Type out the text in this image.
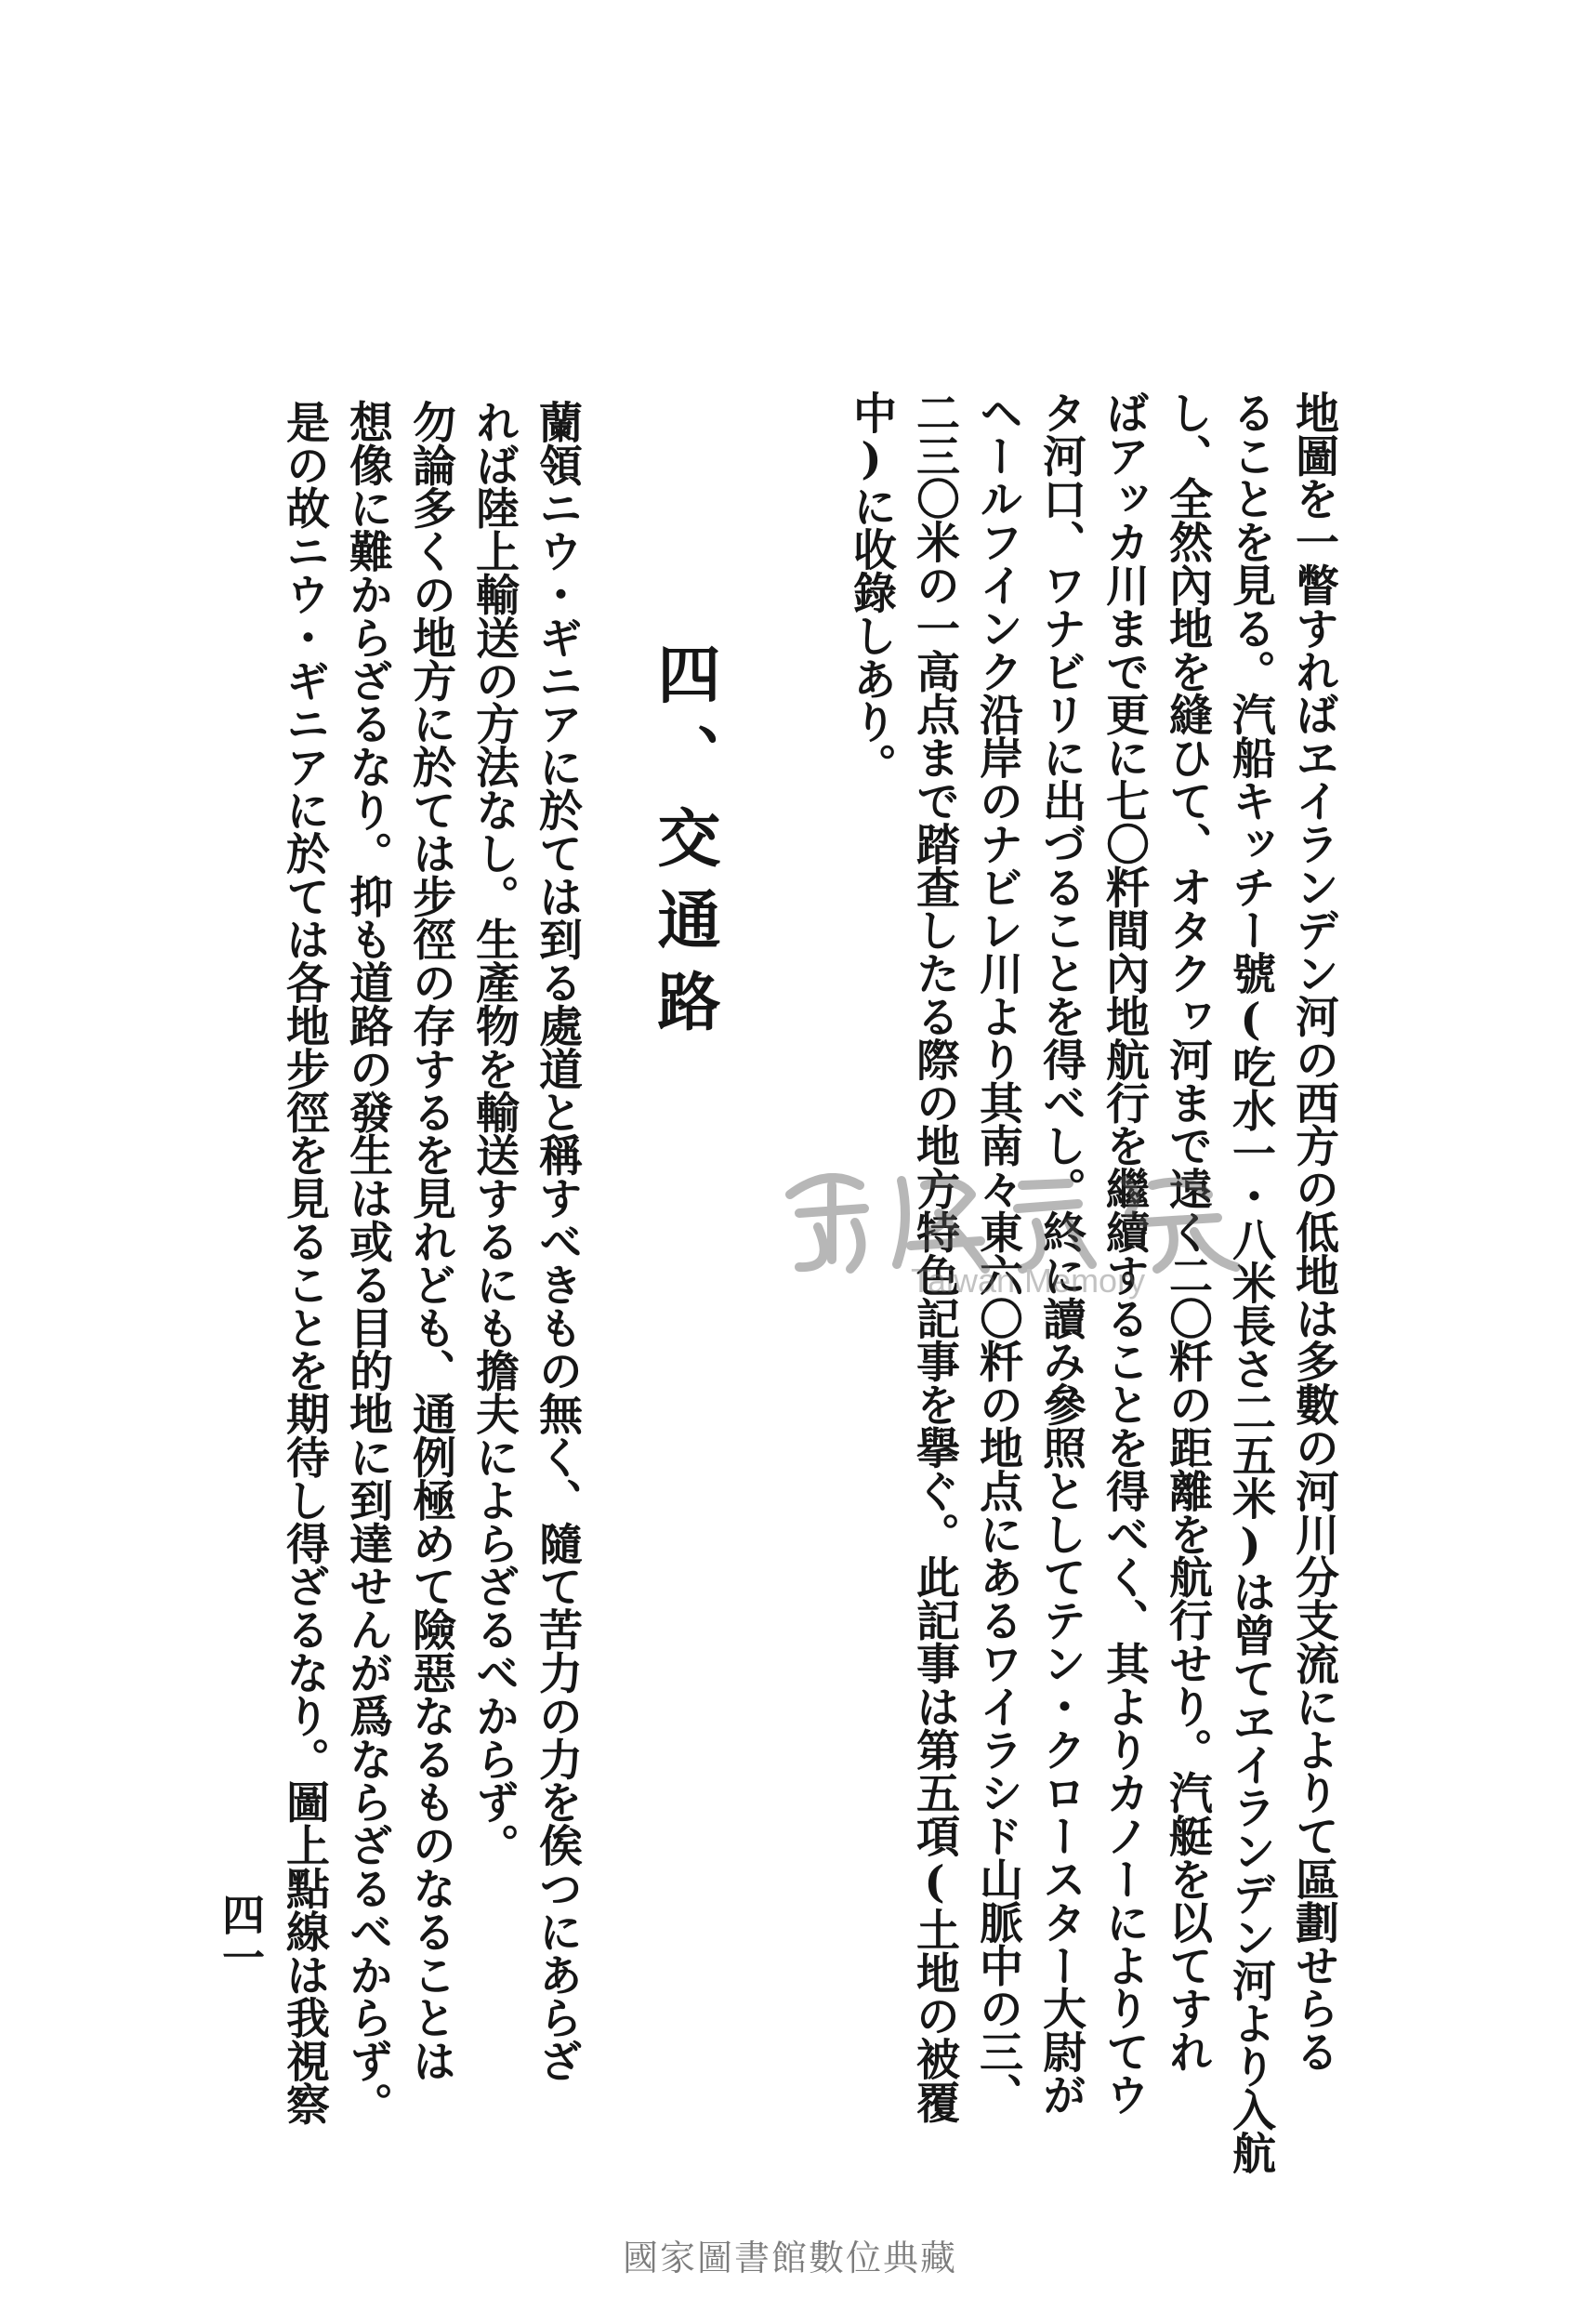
地圖を一瞥すればヱイランデン河の西方の低地は多數の河川分支流によりて區劃せらる
ることを見る。汽船キッチー號(吃水一・八米長さ二五米)は曾てヱイランデン河より入航
し、全然內地を縫ひて、オタクヮ河まで遠く二〇粁の距離を航行せり。汽艇を以てすれ
ばアッカ川まで更に七〇粁間內地航行を繼續することを得べく、其よりカノーによりてウ
タ河口、ワナビリに出づることを得べし。終に讀み參照としてテン・クロースター大尉が
ヘールフインク沿岸のナビレ川より其南々東六〇粁の地点にあるワイラシド山脈中の三、
二三〇米の一高点まで踏查したる際の地方特色記事を擧ぐ。此記事は第五項(土地の被覆
中)に收錄しあり。
四、交通路
蘭領ニウ・ギニアに於ては到る處道と稱すべきもの無く、隨て苦力の力を俟つにあらざ
れば陸上輸送の方法なし。生產物を輸送するにも擔夫によらざるべからず。
勿論多くの地方に於ては步徑の存するを見れども、通例極めて險惡なるものなることは
想像に難からざるなり。抑も道路の發生は或る目的地に到達せんが爲ならざるべからず。
是の故ニウ・ギニアに於ては各地步徑を見ることを期待し得ざるなり。圖上點線は我視察
四一
Taiwan Memory
國家圖書館數位典藏
